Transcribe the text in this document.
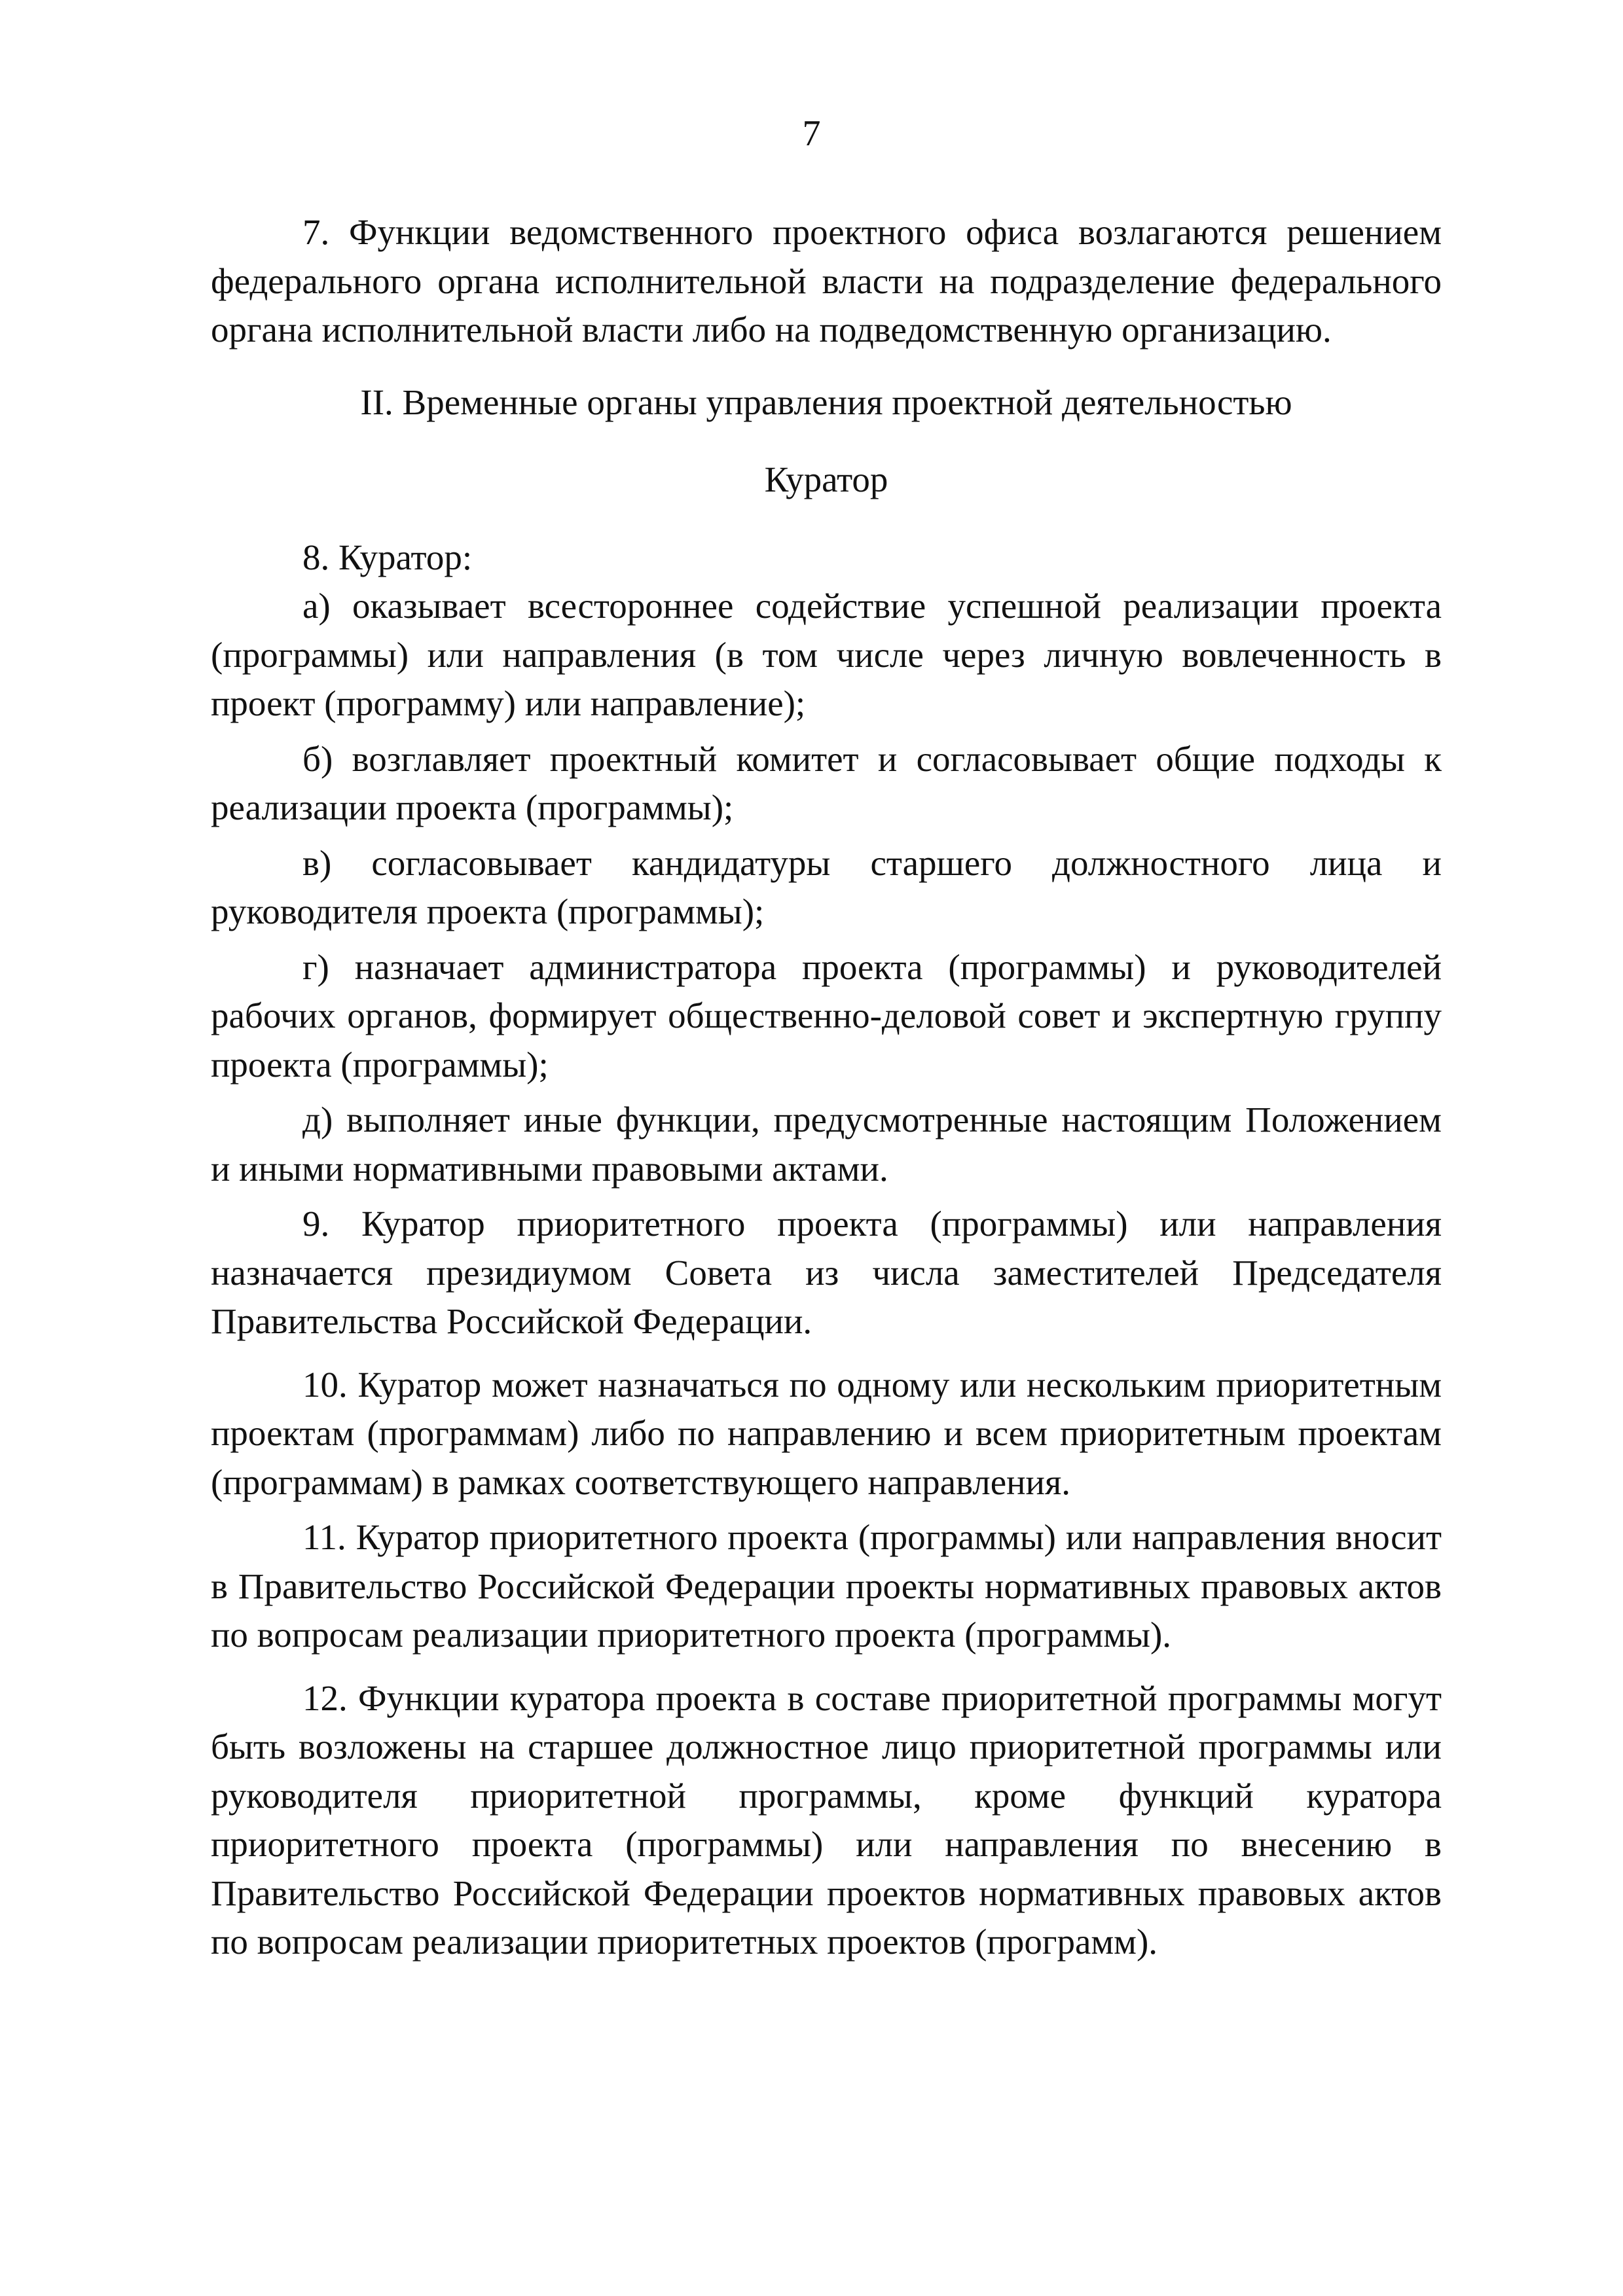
7

7. Функции ведомственного проектного офиса возлагаются решением федерального органа исполнительной власти на подразделение федерального органа исполнительной власти либо на подведомственную организацию.

II. Временные органы управления проектной деятельностью

Куратор

8. Куратор:

а) оказывает всестороннее содействие успешной реализации проекта (программы) или направления (в том числе через личную вовлеченность в проект (программу) или направление);

б) возглавляет проектный комитет и согласовывает общие подходы к реализации проекта (программы);

в) согласовывает кандидатуры старшего должностного лица и руководителя проекта (программы);

г) назначает администратора проекта (программы) и руководителей рабочих органов, формирует общественно-деловой совет и экспертную группу проекта (программы);

д) выполняет иные функции, предусмотренные настоящим Положением и иными нормативными правовыми актами.

9. Куратор приоритетного проекта (программы) или направления назначается президиумом Совета из числа заместителей Председателя Правительства Российской Федерации.

10. Куратор может назначаться по одному или нескольким приоритетным проектам (программам) либо по направлению и всем приоритетным проектам (программам) в рамках соответствующего направления.

11. Куратор приоритетного проекта (программы) или направления вносит в Правительство Российской Федерации проекты нормативных правовых актов по вопросам реализации приоритетного проекта (программы).

12. Функции куратора проекта в составе приоритетной программы могут быть возложены на старшее должностное лицо приоритетной программы или руководителя приоритетной программы, кроме функций куратора приоритетного проекта (программы) или направления по внесению в Правительство Российской Федерации проектов нормативных правовых актов по вопросам реализации приоритетных проектов (программ).
